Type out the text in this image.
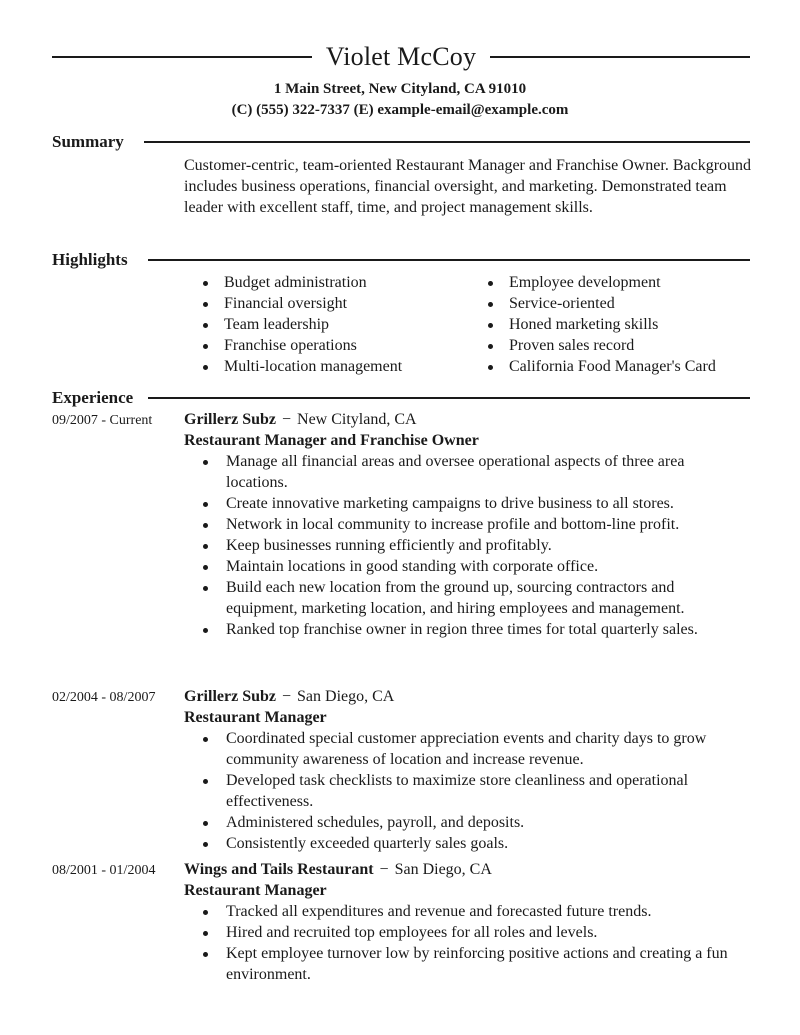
Violet McCoy
1 Main Street, New Cityland, CA 91010
(C) (555) 322-7337 (E) example-email@example.com
Summary
Customer-centric, team-oriented Restaurant Manager and Franchise Owner. Background includes business operations, financial oversight, and marketing. Demonstrated team leader with excellent staff, time, and project management skills.
Highlights
Budget administration
Financial oversight
Team leadership
Franchise operations
Multi-location management
Employee development
Service-oriented
Honed marketing skills
Proven sales record
California Food Manager's Card
Experience
09/2007 - Current Grillerz Subz − New Cityland, CA
Restaurant Manager and Franchise Owner
Manage all financial areas and oversee operational aspects of three area locations.
Create innovative marketing campaigns to drive business to all stores.
Network in local community to increase profile and bottom-line profit.
Keep businesses running efficiently and profitably.
Maintain locations in good standing with corporate office.
Build each new location from the ground up, sourcing contractors and equipment, marketing location, and hiring employees and management.
Ranked top franchise owner in region three times for total quarterly sales.
02/2004 - 08/2007 Grillerz Subz − San Diego, CA
Restaurant Manager
Coordinated special customer appreciation events and charity days to grow community awareness of location and increase revenue.
Developed task checklists to maximize store cleanliness and operational effectiveness.
Administered schedules, payroll, and deposits.
Consistently exceeded quarterly sales goals.
08/2001 - 01/2004 Wings and Tails Restaurant − San Diego, CA
Restaurant Manager
Tracked all expenditures and revenue and forecasted future trends.
Hired and recruited top employees for all roles and levels.
Kept employee turnover low by reinforcing positive actions and creating a fun environment.
